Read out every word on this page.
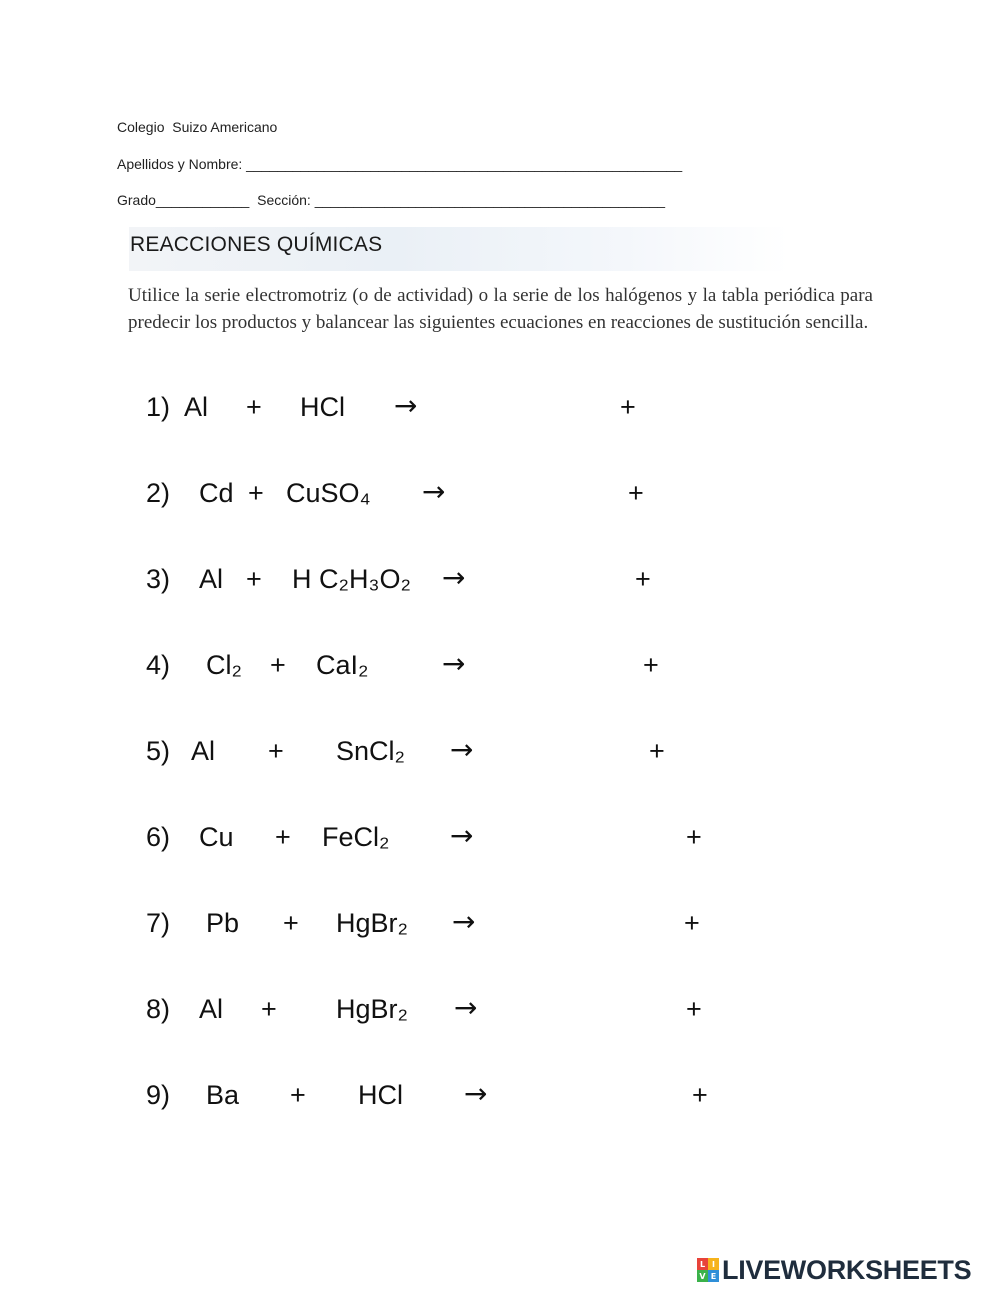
Colegio  Suizo Americano
Apellidos y Nombre: ________________________________________________________
Grado____________  Sección: _____________________________________________
REACCIONES QUÍMICAS
Utilice la serie electromotriz (o de actividad) o la serie de los halógenos y la tabla periódica para predecir los productos y balancear las siguientes ecuaciones en reacciones de sustitución sencilla.
1) Al + HCl →	+
2) Cd + CuSO₄ →	+
3) Al + H C₂H₃O₂ →	+
4) Cl₂ + CaI₂	→	+
5) Al + SnCl₂ →	+
6) Cu + FeCl₂ →	+
7) Pb + HgBr₂ →	+
8) Al + HgBr₂ →	+
9) Ba + HCl →	+
L I
V E LIVEWORKSHEETS
